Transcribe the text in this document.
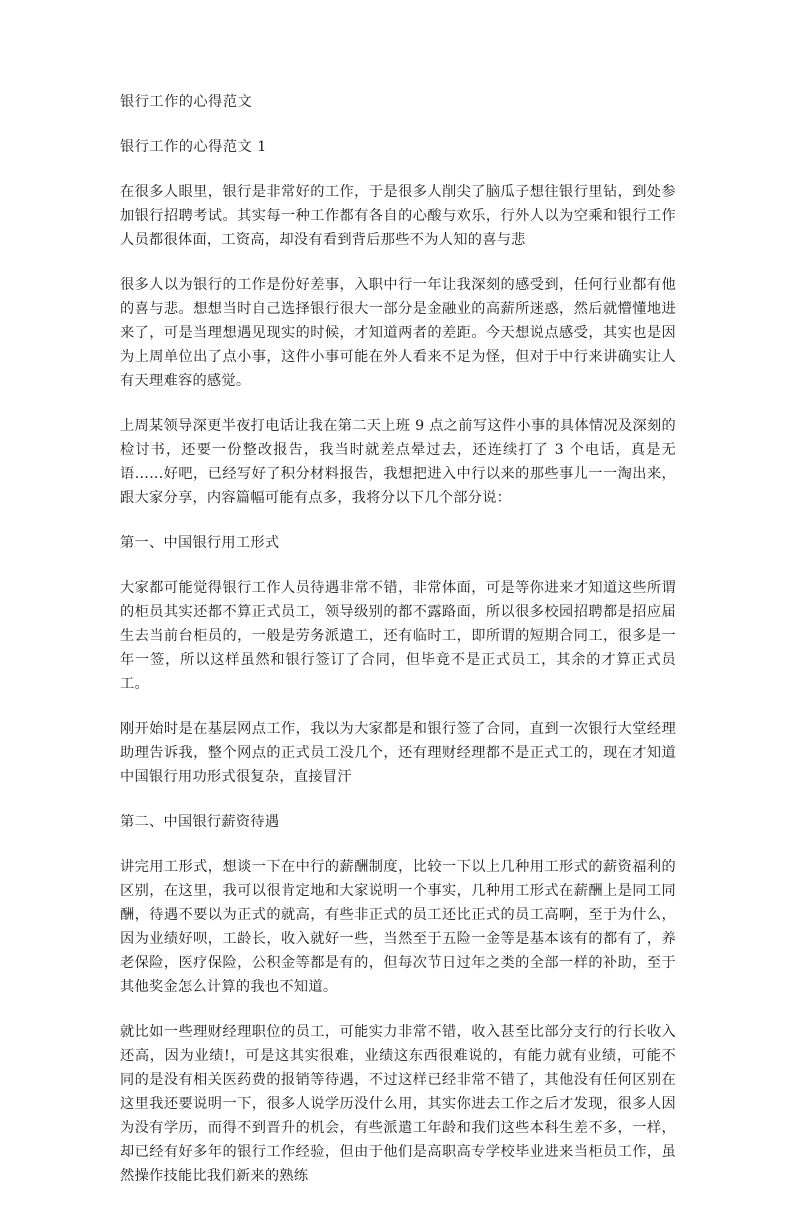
银行工作的心得范文
银行工作的心得范文 1

在很多人眼里，银行是非常好的工作，于是很多人削尖了脑瓜子想往银行里钻，到处参加银行招聘考试。其实每一种工作都有各自的心酸与欢乐，行外人以为空乘和银行工作人员都很体面，工资高，却没有看到背后那些不为人知的喜与悲

很多人以为银行的工作是份好差事，入职中行一年让我深刻的感受到，任何行业都有他的喜与悲。想想当时自己选择银行很大一部分是金融业的高薪所迷惑，然后就懵懂地进来了，可是当理想遇见现实的时候，才知道两者的差距。今天想说点感受，其实也是因为上周单位出了点小事，这件小事可能在外人看来不足为怪，但对于中行来讲确实让人有天理难容的感觉。

上周某领导深更半夜打电话让我在第二天上班 9 点之前写这件小事的具体情况及深刻的检讨书，还要一份整改报告，我当时就差点晕过去，还连续打了 3 个电话，真是无语……好吧，已经写好了积分材料报告，我想把进入中行以来的那些事儿一一淘出来，跟大家分享，内容篇幅可能有点多，我将分以下几个部分说：

第一、中国银行用工形式

大家都可能觉得银行工作人员待遇非常不错，非常体面，可是等你进来才知道这些所谓的柜员其实还都不算正式员工，领导级别的都不露路面，所以很多校园招聘都是招应届生去当前台柜员的，一般是劳务派遣工，还有临时工，即所谓的短期合同工，很多是一年一签，所以这样虽然和银行签订了合同，但毕竟不是正式员工，其余的才算正式员工。

刚开始时是在基层网点工作，我以为大家都是和银行签了合同，直到一次银行大堂经理助理告诉我，整个网点的正式员工没几个，还有理财经理都不是正式工的，现在才知道中国银行用功形式很复杂，直接冒汗

第二、中国银行薪资待遇

讲完用工形式，想谈一下在中行的薪酬制度，比较一下以上几种用工形式的薪资福利的区别，在这里，我可以很肯定地和大家说明一个事实，几种用工形式在薪酬上是同工同酬，待遇不要以为正式的就高，有些非正式的员工还比正式的员工高啊，至于为什么，因为业绩好呗，工龄长，收入就好一些，当然至于五险一金等是基本该有的都有了，养老保险，医疗保险，公积金等都是有的，但每次节日过年之类的全部一样的补助，至于其他奖金怎么计算的我也不知道。

就比如一些理财经理职位的员工，可能实力非常不错，收入甚至比部分支行的行长收入还高，因为业绩!，可是这其实很难，业绩这东西很难说的，有能力就有业绩，可能不同的是没有相关医药费的报销等待遇，不过这样已经非常不错了，其他没有任何区别在这里我还要说明一下，很多人说学历没什么用，其实你进去工作之后才发现，很多人因为没有学历，而得不到晋升的机会，有些派遣工年龄和我们这些本科生差不多，一样，却已经有好多年的银行工作经验，但由于他们是高职高专学校毕业进来当柜员工作，虽然操作技能比我们新来的熟练
